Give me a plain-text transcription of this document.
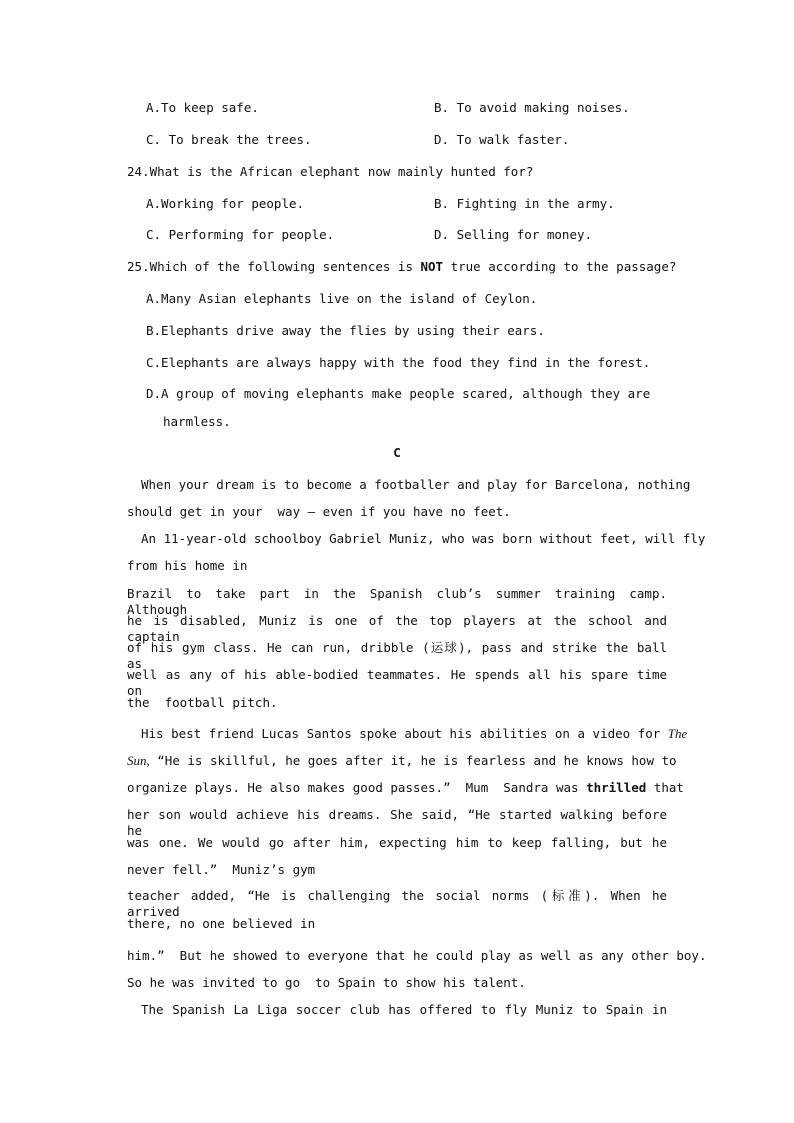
A.To keep safe.	B. To avoid making noises.
C. To break the trees.	D. To walk faster.
24.What is the African elephant now mainly hunted for?
A.Working for people.	B. Fighting in the army.
C. Performing for people.	D. Selling for money.
25.Which of the following sentences is NOT true according to the passage?
A.Many Asian elephants live on the island of Ceylon.
B.Elephants drive away the flies by using their ears.
C.Elephants are always happy with the food they find in the forest.
D.A group of moving elephants make people scared, although they are
harmless.
C
When your dream is to become a footballer and play for Barcelona, nothing
should get in your  way — even if you have no feet.
An 11-year-old schoolboy Gabriel Muniz, who was born without feet, will fly
from his home in
Brazil to take part in the Spanish club’s summer training camp. Although
he is disabled, Muniz is one of the top players at the school and captain
of his gym class. He can run, dribble (运球), pass and strike the ball as
well as any of his able-bodied teammates. He spends all his spare time on
the  football pitch.
His best friend Lucas Santos spoke about his abilities on a video for The
Sun, “He is skillful, he goes after it, he is fearless and he knows how to
organize plays. He also makes good passes.”  Mum  Sandra was thrilled that
her son would achieve his dreams. She said, “He started walking before he
was one. We would go after him, expecting him to keep falling, but he
never fell.”  Muniz’s gym
teacher added, “He is challenging the social norms (标准). When he arrived
there, no one believed in
him.”  But he showed to everyone that he could play as well as any other boy.
So he was invited to go  to Spain to show his talent.
The Spanish La Liga soccer club has offered to fly Muniz to Spain in
